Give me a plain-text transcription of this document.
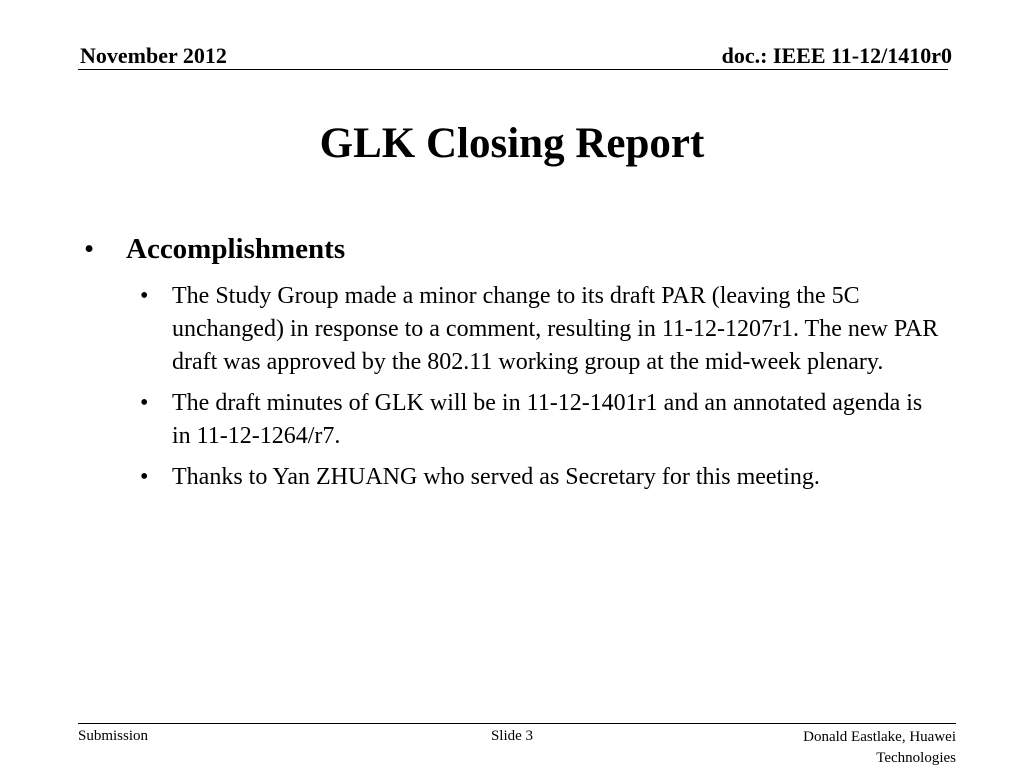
November 2012	doc.: IEEE 11-12/1410r0
GLK Closing Report
• Accomplishments
• The Study Group made a minor change to its draft PAR (leaving the 5C unchanged) in response to a comment, resulting in 11-12-1207r1. The new PAR draft was approved by the 802.11 working group at the mid-week plenary.
• The draft minutes of GLK will be in 11-12-1401r1 and an annotated agenda is in 11-12-1264/r7.
• Thanks to Yan ZHUANG who served as Secretary for this meeting.
Submission	Slide 3	Donald Eastlake, Huawei Technologies
